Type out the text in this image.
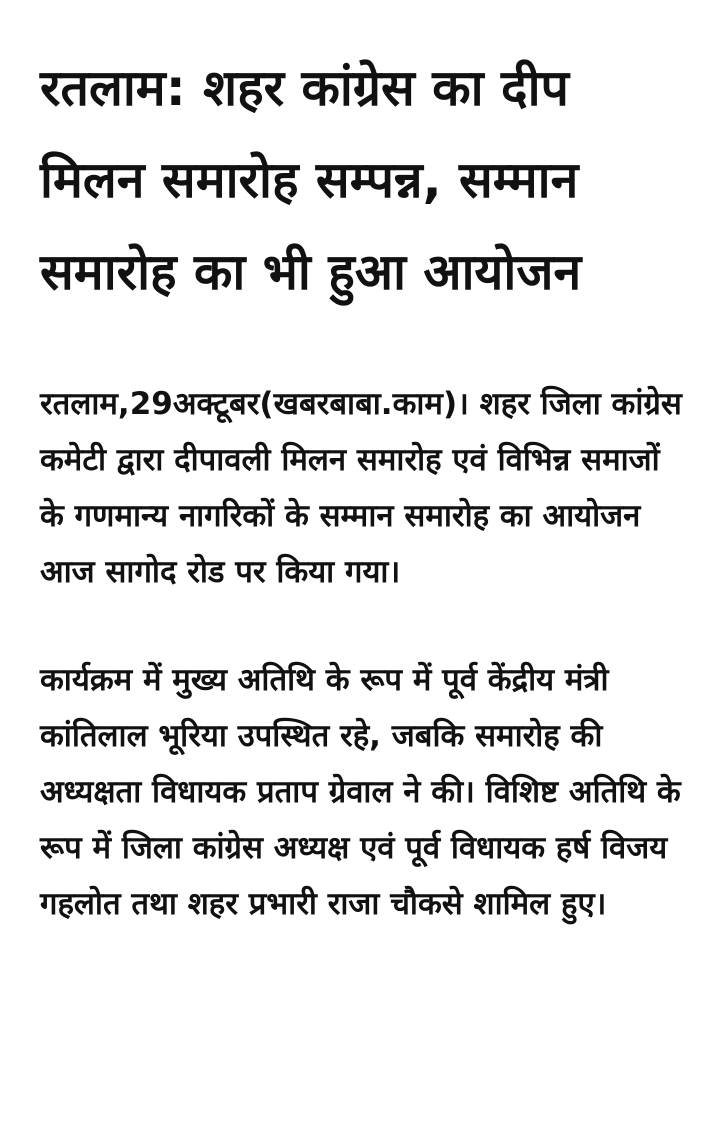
रतलाम: शहर कांग्रेस का दीप मिलन समारोह सम्पन्न, सम्मान समारोह का भी हुआ आयोजन

रतलाम,29अक्टूबर(खबरबाबा.काम)। शहर जिला कांग्रेस कमेटी द्वारा दीपावली मिलन समारोह एवं विभिन्न समाजों के गणमान्य नागरिकों के सम्मान समारोह का आयोजन आज सागोद रोड पर किया गया।

कार्यक्रम में मुख्य अतिथि के रूप में पूर्व केंद्रीय मंत्री कांतिलाल भूरिया उपस्थित रहे, जबकि समारोह की अध्यक्षता विधायक प्रताप ग्रेवाल ने की। विशिष्ट अतिथि के रूप में जिला कांग्रेस अध्यक्ष एवं पूर्व विधायक हर्ष विजय गहलोत तथा शहर प्रभारी राजा चौकसे शामिल हुए।
